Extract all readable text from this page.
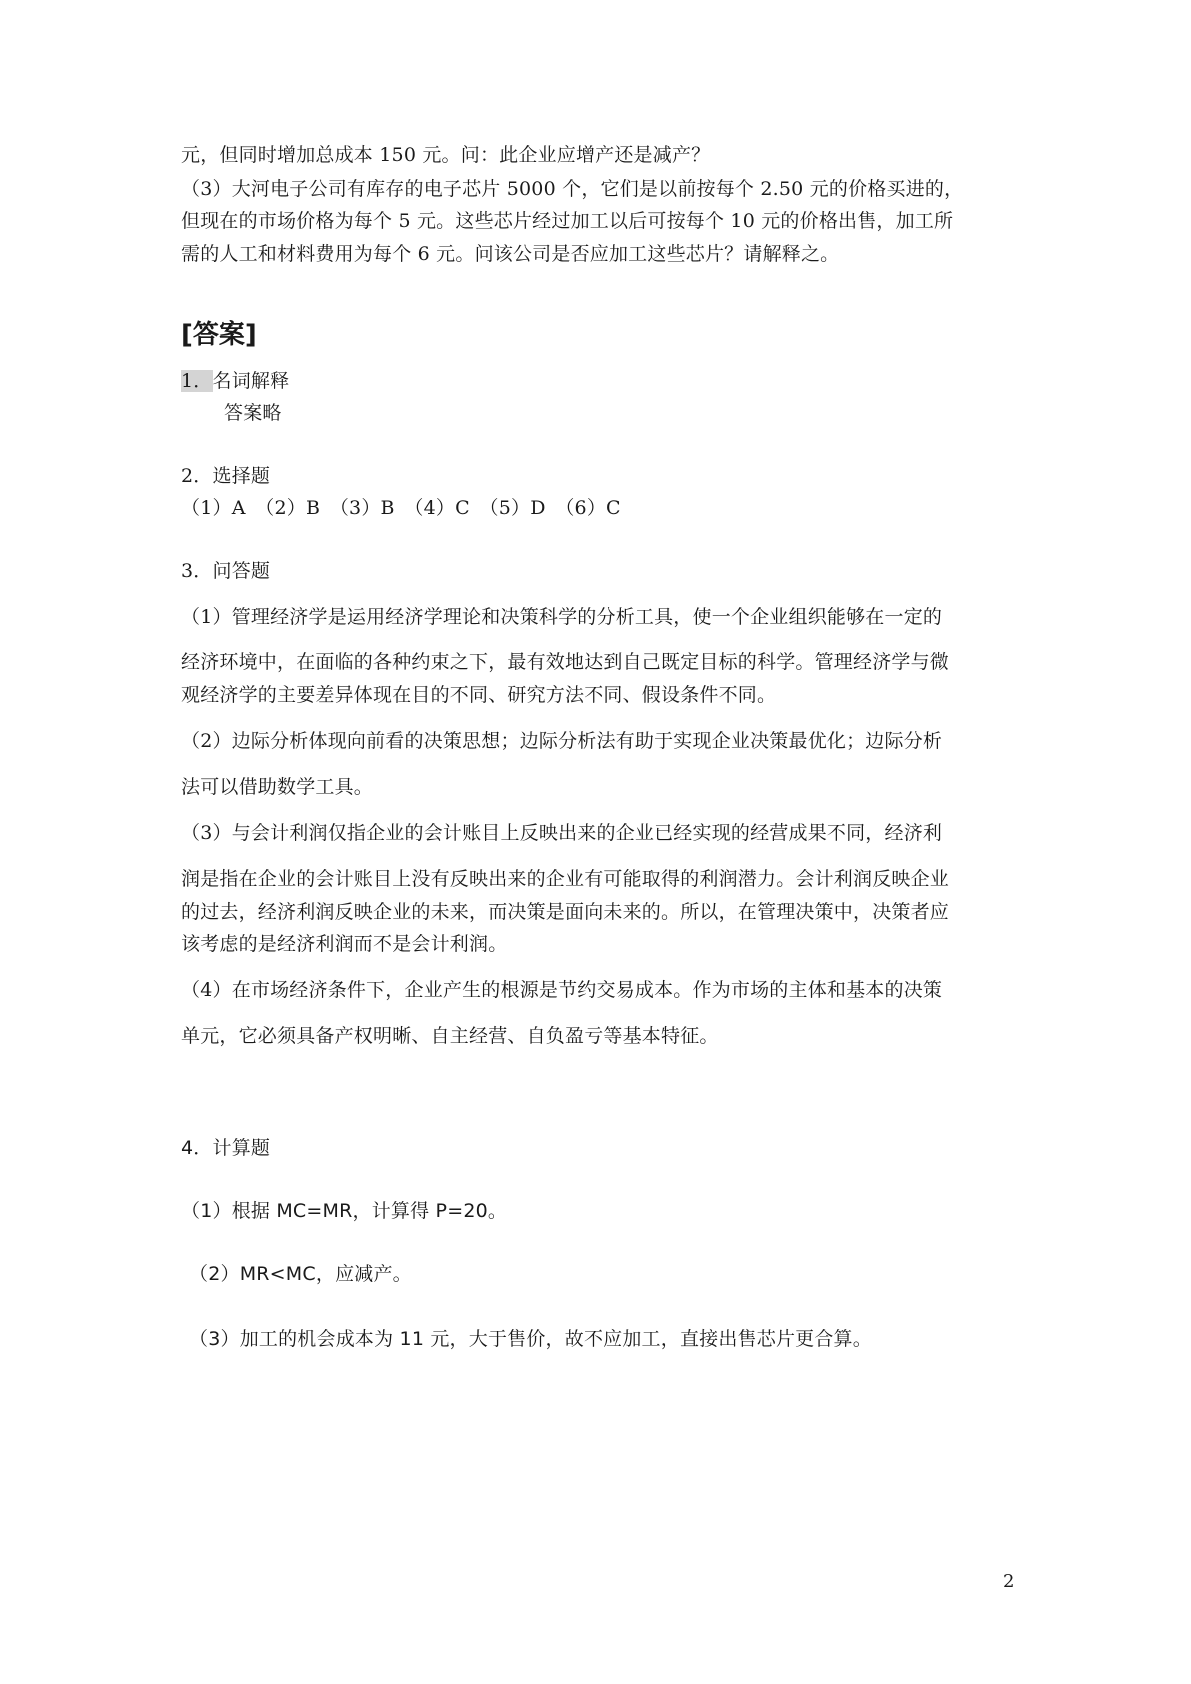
元，但同时增加总成本 150 元。问：此企业应增产还是减产？
（3）大河电子公司有库存的电子芯片 5000 个，它们是以前按每个 2.50 元的价格买进的，
但现在的市场价格为每个 5 元。这些芯片经过加工以后可按每个 10 元的价格出售，加工所
需的人工和材料费用为每个 6 元。问该公司是否应加工这些芯片？请解释之。
[答案]
1．名词解释
答案略
2．选择题
（1）A　（2）B　（3）B　（4）C　（5）D　（6）C
3．问答题
（1）管理经济学是运用经济学理论和决策科学的分析工具，使一个企业组织能够在一定的
经济环境中，在面临的各种约束之下，最有效地达到自己既定目标的科学。管理经济学与微
观经济学的主要差异体现在目的不同、研究方法不同、假设条件不同。
（2）边际分析体现向前看的决策思想；边际分析法有助于实现企业决策最优化；边际分析
法可以借助数学工具。
（3）与会计利润仅指企业的会计账目上反映出来的企业已经实现的经营成果不同，经济利
润是指在企业的会计账目上没有反映出来的企业有可能取得的利润潜力。会计利润反映企业
的过去，经济利润反映企业的未来，而决策是面向未来的。所以，在管理决策中，决策者应
该考虑的是经济利润而不是会计利润。
（4）在市场经济条件下，企业产生的根源是节约交易成本。作为市场的主体和基本的决策
单元，它必须具备产权明晰、自主经营、自负盈亏等基本特征。
4．计算题
（1）根据 MC=MR，计算得 P=20。
（2）MR<MC，应减产。
（3）加工的机会成本为 11 元，大于售价，故不应加工，直接出售芯片更合算。
2
